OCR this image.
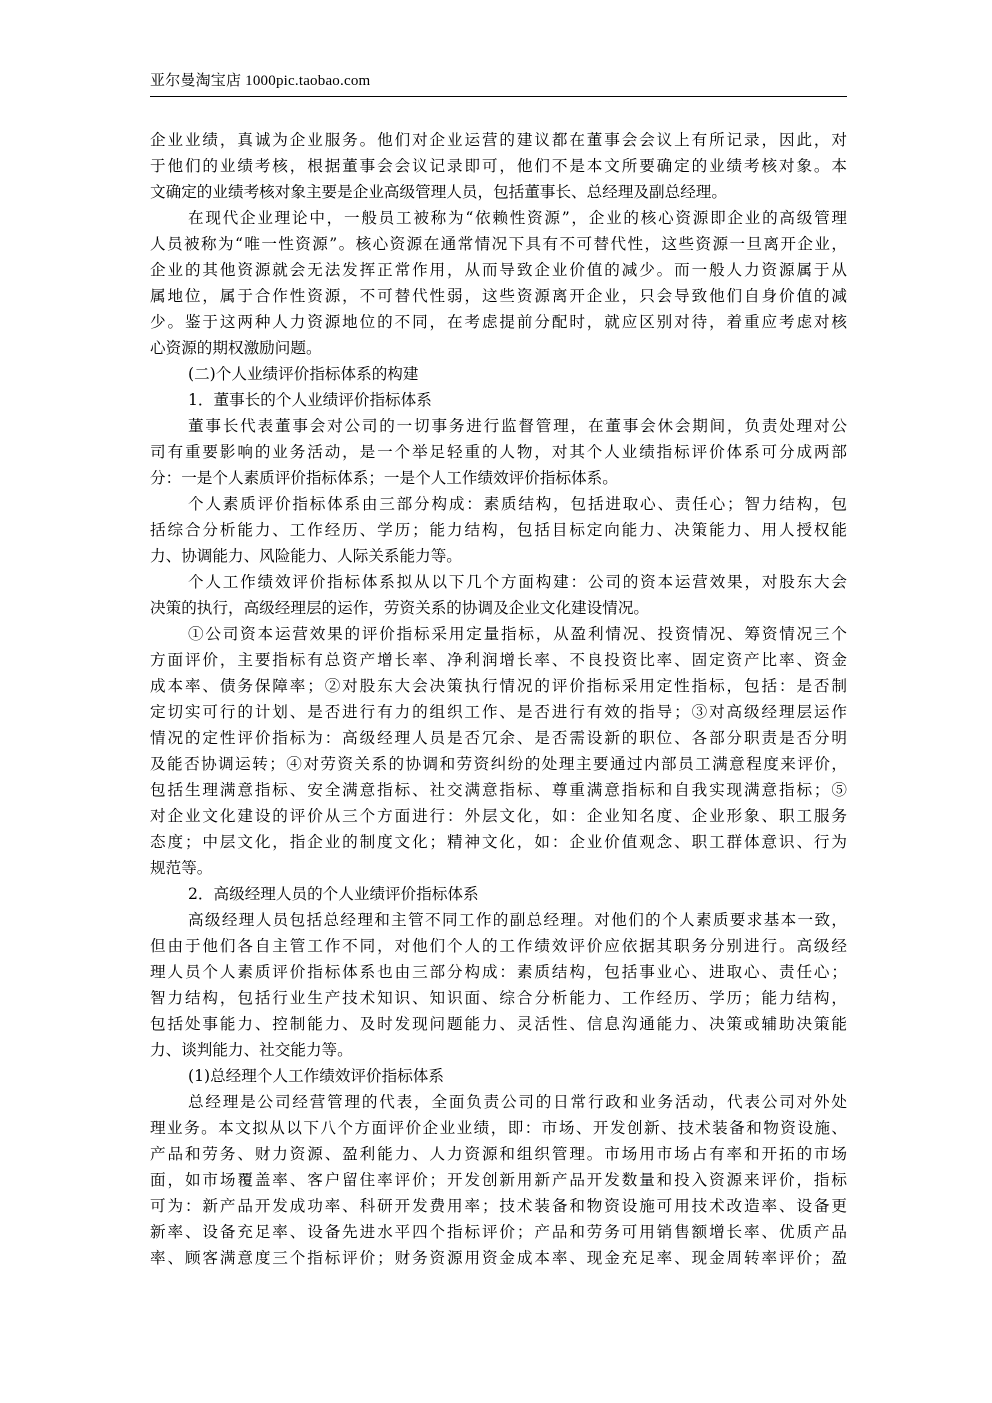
亚尔曼淘宝店 1000pic.taobao.com
企业业绩，真诚为企业服务。他们对企业运营的建议都在董事会会议上有所记录，因此，对
于他们的业绩考核，根据董事会会议记录即可，他们不是本文所要确定的业绩考核对象。本
文确定的业绩考核对象主要是企业高级管理人员，包括董事长、总经理及副总经理。
在现代企业理论中，一般员工被称为“依赖性资源”，企业的核心资源即企业的高级管理
人员被称为“唯一性资源”。核心资源在通常情况下具有不可替代性，这些资源一旦离开企业，
企业的其他资源就会无法发挥正常作用，从而导致企业价值的减少。而一般人力资源属于从
属地位，属于合作性资源，不可替代性弱，这些资源离开企业，只会导致他们自身价值的减
少。鉴于这两种人力资源地位的不同，在考虑提前分配时，就应区别对待，着重应考虑对核
心资源的期权激励问题。
(二)个人业绩评价指标体系的构建
1．董事长的个人业绩评价指标体系
董事长代表董事会对公司的一切事务进行监督管理，在董事会休会期间，负责处理对公
司有重要影响的业务活动，是一个举足轻重的人物，对其个人业绩指标评价体系可分成两部
分：一是个人素质评价指标体系；一是个人工作绩效评价指标体系。
个人素质评价指标体系由三部分构成：素质结构，包括进取心、责任心；智力结构，包
括综合分析能力、工作经历、学历；能力结构，包括目标定向能力、决策能力、用人授权能
力、协调能力、风险能力、人际关系能力等。
个人工作绩效评价指标体系拟从以下几个方面构建：公司的资本运营效果，对股东大会
决策的执行，高级经理层的运作，劳资关系的协调及企业文化建设情况。
①公司资本运营效果的评价指标采用定量指标，从盈利情况、投资情况、筹资情况三个
方面评价，主要指标有总资产增长率、净利润增长率、不良投资比率、固定资产比率、资金
成本率、债务保障率；②对股东大会决策执行情况的评价指标采用定性指标，包括：是否制
定切实可行的计划、是否进行有力的组织工作、是否进行有效的指导；③对高级经理层运作
情况的定性评价指标为：高级经理人员是否冗余、是否需设新的职位、各部分职责是否分明
及能否协调运转；④对劳资关系的协调和劳资纠纷的处理主要通过内部员工满意程度来评价，
包括生理满意指标、安全满意指标、社交满意指标、尊重满意指标和自我实现满意指标；⑤
对企业文化建设的评价从三个方面进行：外层文化，如：企业知名度、企业形象、职工服务
态度；中层文化，指企业的制度文化；精神文化，如：企业价值观念、职工群体意识、行为
规范等。
2．高级经理人员的个人业绩评价指标体系
高级经理人员包括总经理和主管不同工作的副总经理。对他们的个人素质要求基本一致，
但由于他们各自主管工作不同，对他们个人的工作绩效评价应依据其职务分别进行。高级经
理人员个人素质评价指标体系也由三部分构成：素质结构，包括事业心、进取心、责任心；
智力结构，包括行业生产技术知识、知识面、综合分析能力、工作经历、学历；能力结构，
包括处事能力、控制能力、及时发现问题能力、灵活性、信息沟通能力、决策或辅助决策能
力、谈判能力、社交能力等。
(1)总经理个人工作绩效评价指标体系
总经理是公司经营管理的代表，全面负责公司的日常行政和业务活动，代表公司对外处
理业务。本文拟从以下八个方面评价企业业绩，即：市场、开发创新、技术装备和物资设施、
产品和劳务、财力资源、盈利能力、人力资源和组织管理。市场用市场占有率和开拓的市场
面，如市场覆盖率、客户留住率评价；开发创新用新产品开发数量和投入资源来评价，指标
可为：新产品开发成功率、科研开发费用率；技术装备和物资设施可用技术改造率、设备更
新率、设备充足率、设备先进水平四个指标评价；产品和劳务可用销售额增长率、优质产品
率、顾客满意度三个指标评价；财务资源用资金成本率、现金充足率、现金周转率评价；盈
